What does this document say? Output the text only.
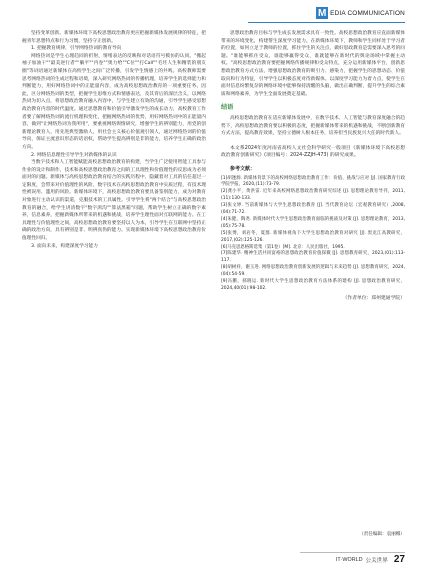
M EDIA COMMUNICATION

坚持变革创新。新媒体环境下高校思想政治教育更应把握新媒体发展规律的特征，把握青年思想特点和行为习惯，坚持守正创新。

1. 把握教育规律，引导网络热词的教育导向

网络热词是学生心理趋同的折射，情绪表达的反映和对话语符号模仿的认同。"搬起袖子加油干""最美逆行者""躺平""内卷""奥力给""C位""打Call""毛坯人生和精装的朋友圈"等词语通过新媒体在高校学生之间广泛传播，引发学生情感上的共鸣。高校教师需要思考网络热词的生成过程和语境，深入研究网络热词的传播机理，培养学生的选择能力和判断能力，用好网络热词中的正能量内容，成为高校思想政治教育的一项重要任务。因此，区分网络热词的类型，把握学生思维方式和情感表达，及其背后的深层含义，以网络热词为切入点，将思想政治教育融入内容中，与学生建立有效的沟通，引导学生感受思想政治教育内容的时代温度。通过思想教育和价值引导激发学生的成长动力，高校教育工作者要了解网络热词的流行机理和变化，把握网络热词的优势，用好网络热词中的正能量内容，做到"让网络热词为我所用"，要重视网络舆情研究，增强学生的辨别能力，用党的创新理论教育人，用先进典型激励人，用社会主义核心价值观引领人，通过网络热词的价值导向，保证主流意识形态的话语权，帮助学生提高辨别是非的能力，培养学生正确的政治方向。

2. 网络信息理性引导学生对新媒体的认识

当数字技术和人工智能赋能高校思想政治教育的构建，当学生广泛使用智能工具参与作业的设计和制作，技术和高校思想政治教育之间的工具理性和价值理性的反思成为必须面对的问题。新媒体与高校思想政治教育结合的实践历程中，隐藏着对工具的信任超过一定限度，会带来对价值理性的风险，数字技术在高校思想政治教育中实质过程，有技术理性被误用、滥用的风险。新媒体环境下，高校思想政治教育要具备鉴别能力，成为对教育对象进行主动认识的渠道，克服技术的工具属性。引导学生将"两个结合"与高校思想政治教育的融合，给学生讲清数字"数字鸿沟""算法黑箱"问题，帮助学生树立正确的数字素养，信息素养，把握新媒体所带来的机遇和挑战，培养学生理性面对互联网的能力。在工具理性与价值理性之间，高校思想政治教育要坚持以人为本，引导学生在互联网中坚持正确的政治方向，具有辨别是非、明辨真伪的能力。实现新媒体环境下高校思想政治教育价值理性回归。

3. 面向未来，构建深度学习能力

思想政治教育目标与学生成长发展需求具有一致性。高校思想政治教育应直面新媒体带来的环境变化，构建帮生深度学习能力。在新媒体环境下，教师和学生同样处于学习者的位置，如何立足于教师的位置，抓住学生的关注点，做好思政教育是需要深入思考的问题。"谁能够抓住受众，谁能够赢得受众，谁就能够在新时代的舆论场域中掌握主动权。"高校思想政治教育要把握网络传播规律和受众特点，充分运用新媒体平台，创新思想政治教育方式方法，增强思想政治教育的吸引力、感染力，把握学生的思想动态、价值取向和行为特征，引导学生以积极态度对待新媒体。以深度学习能力为着力点，使学生在面对信息纷繁复杂的网络环境中能够保持清醒的头脑，做出正确判断，提升学生的综合素质和网络素养，为学生全面发展奠定基础。

结语

高校思想政治教育在适应新媒体发展中，在数字技术、人工智能与教育深度融合的趋势下，高校思想政治教育要以积极的态度，把握新媒体带来的机遇和挑战，不断创新教育方式方法，提高教育效果，坚持立德树人根本任务，培养担当民族复兴大任的时代新人。

本文系2024年度河南省高校人文社会科学研究一般项目《新媒体环境下高校思想政治教育创新研究》(项目编号：2024-ZZJH-473) 的研究成果。
参考文献：

[1]胡逢源. 新媒体背景下的高校网络思想政治教育工作：价值、挑战与应对 [J]. 国家教育行政学院学报，2020,(11):73-79.

[2]龚小平，黄洪雷. 近年来高校网络思想政治教育研究综述 [J]. 思想理论教育导刊，2011,(11):130-133.

[3]张文婷. 当前新媒体与大学生思想政治教育 [J]. 当代教育论坛（宏观教育研究）,2008,(04):71-72.

[4]朱健，陶尧. 新媒体时代大学生思想政治教育面临的挑战及对策 [J]. 思想理论教育，2013,(05):75-78.

[5]张博，刘岩冬，夏群. 新媒体视角下大学生思想政治教育对研究 [J]. 黑龙江高教研究，2017,(02):125-126.

[6]马克思恩格斯选集（第1卷）[M]. 北京：人民出版社，1995.

[7]陈建华. 精神生活共同富裕的思想政治教育价值探微 [J]. 思想教育研究，2023,(01):113-117.

[8]胡树祥，谢玉进. 网络思想政治教育创新发展的逻辑与未来趋势 [J]. 思想教育研究，2024,(04):54-59.

[9]冯鹏，郝晓运. 新时代大学生思想政治教育方法体系的建构 [J]. 思想政治教育研究，2024,40(01):98-102.

（作者单位：郑州建通学院）
（责任编辑：袁丽娜）
IT·WORLD 公关世界 27
